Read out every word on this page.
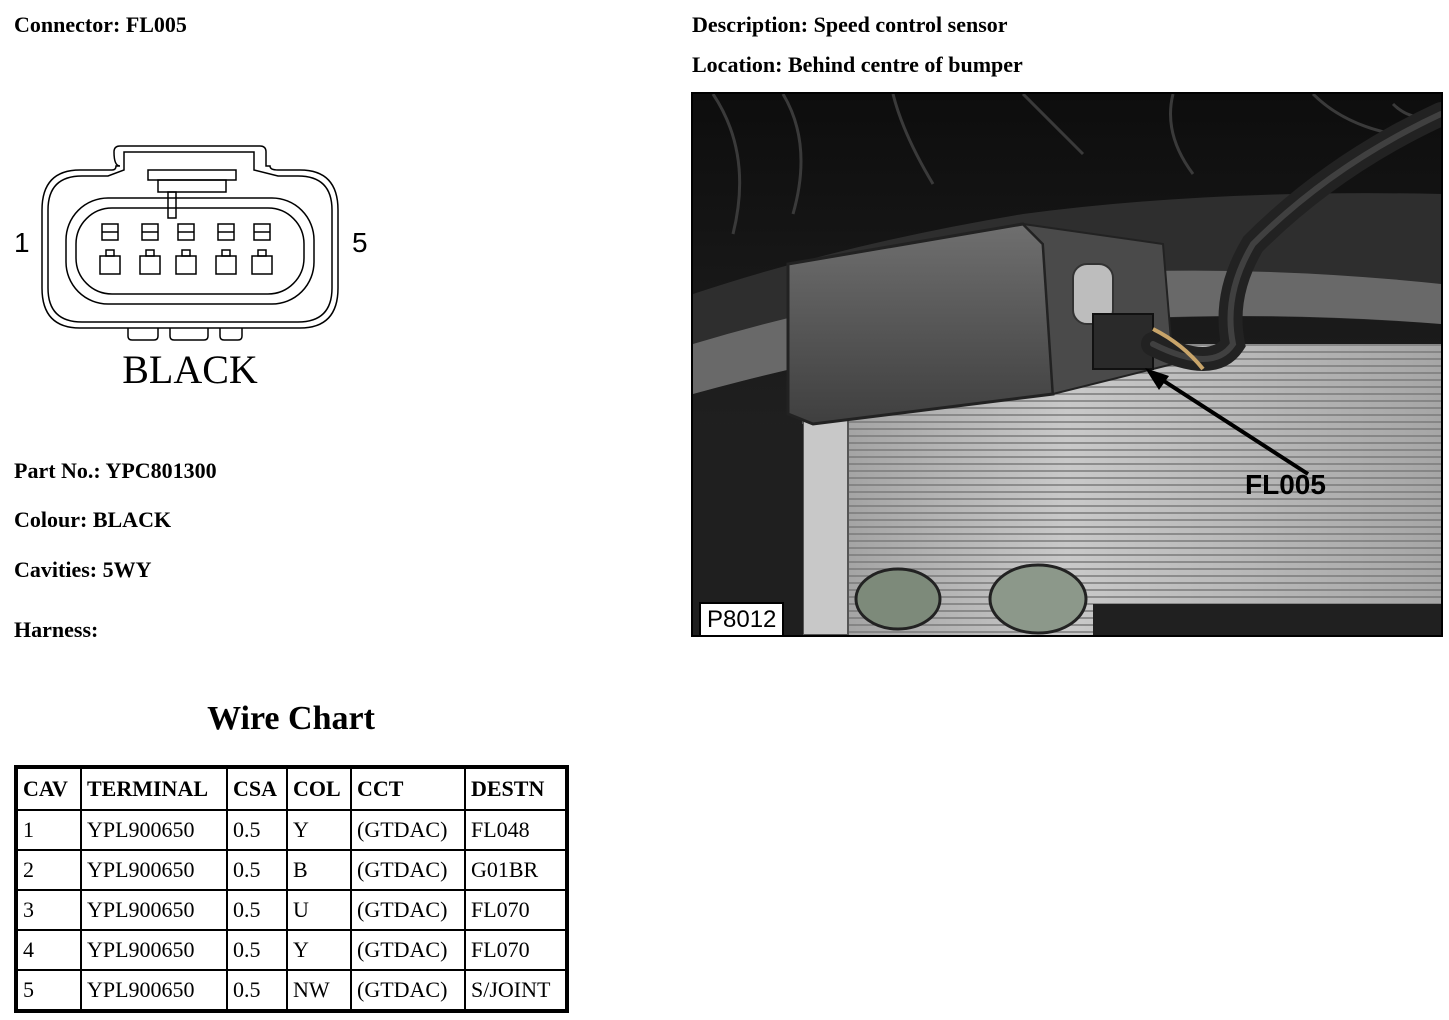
Connector: FL005	Description: Speed control sensor
Location: Behind centre of bumper
1	5
BLACK
Part No.: YPC801300
Colour: BLACK
Cavities: 5WY
Harness:
Wire Chart
CAV	TERMINAL	CSA	COL	CCT	DESTN
1	YPL900650	0.5	Y	(GTDAC)	FL048
2	YPL900650	0.5	B	(GTDAC)	G01BR
3	YPL900650	0.5	U	(GTDAC)	FL070
4	YPL900650	0.5	Y	(GTDAC)	FL070
5	YPL900650	0.5	NW	(GTDAC)	S/JOINT
FL005
P8012
